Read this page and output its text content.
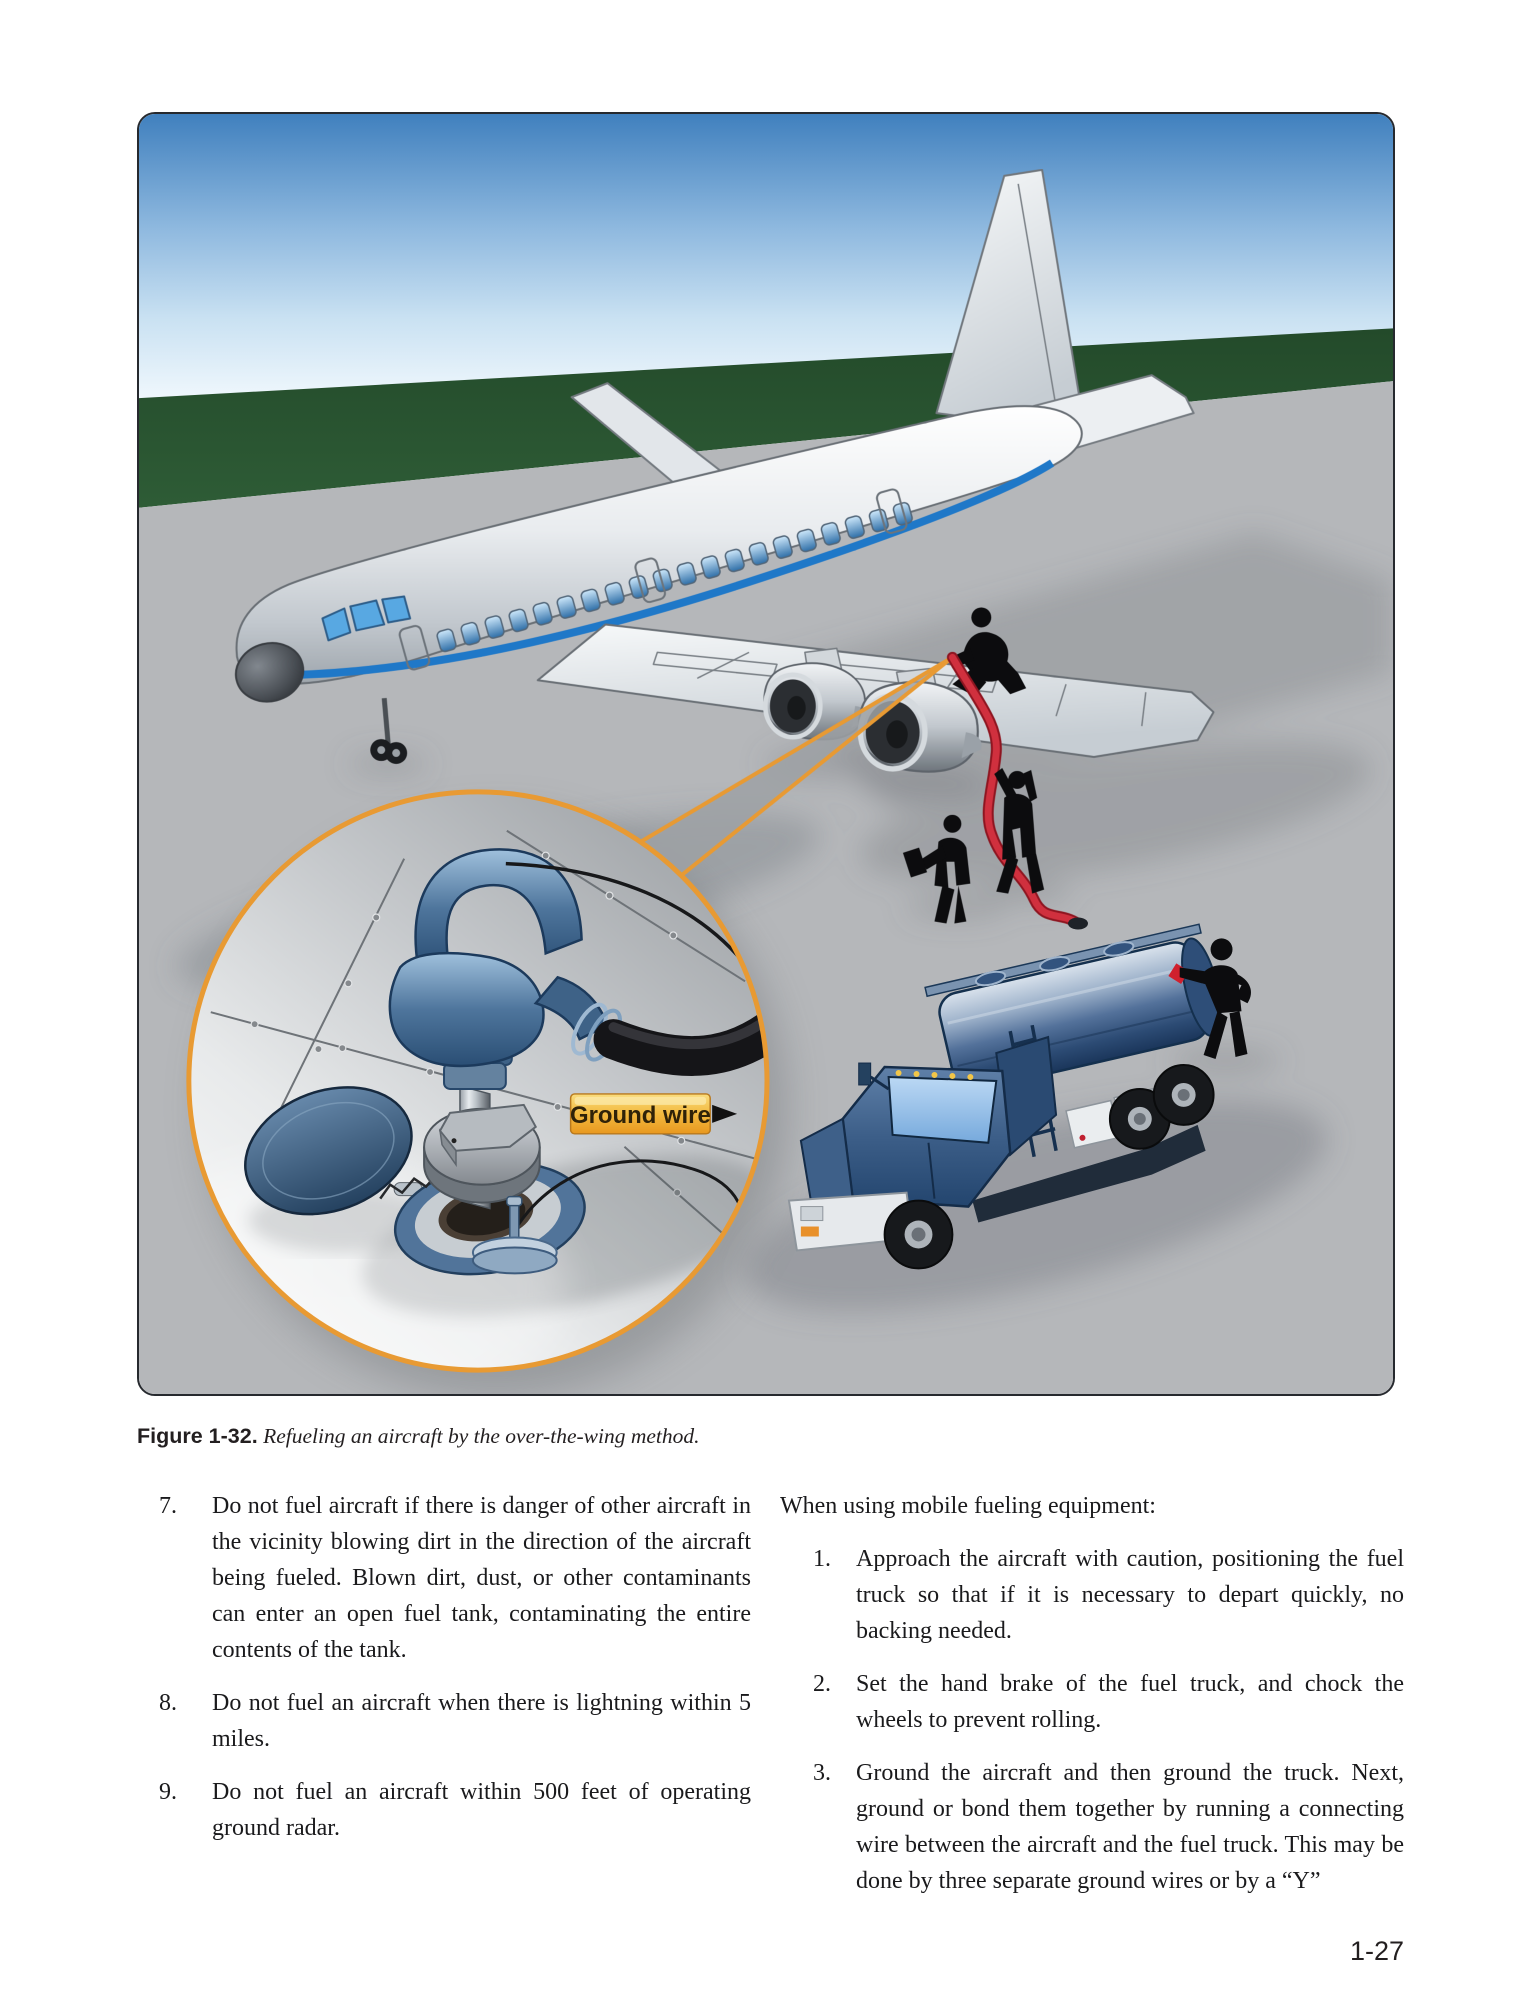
Ground wire
Figure 1-32. Refueling an aircraft by the over-the-wing method.
7.	Do not fuel aircraft if there is danger of other aircraft in the vicinity blowing dirt in the direction of the aircraft being fueled. Blown dirt, dust, or other contaminants can enter an open fuel tank, contaminating the entire contents of the tank.
8.	Do not fuel an aircraft when there is lightning within 5 miles.
9.	Do not fuel an aircraft within 500 feet of operating ground radar.

When using mobile fueling equipment:

1.	Approach the aircraft with caution, positioning the fuel truck so that if it is necessary to depart quickly, no backing needed.
2.	Set the hand brake of the fuel truck, and chock the wheels to prevent rolling.
3.	Ground the aircraft and then ground the truck. Next, ground or bond them together by running a connecting wire between the aircraft and the fuel truck. This may be done by three separate ground wires or by a “Y”
1-27
